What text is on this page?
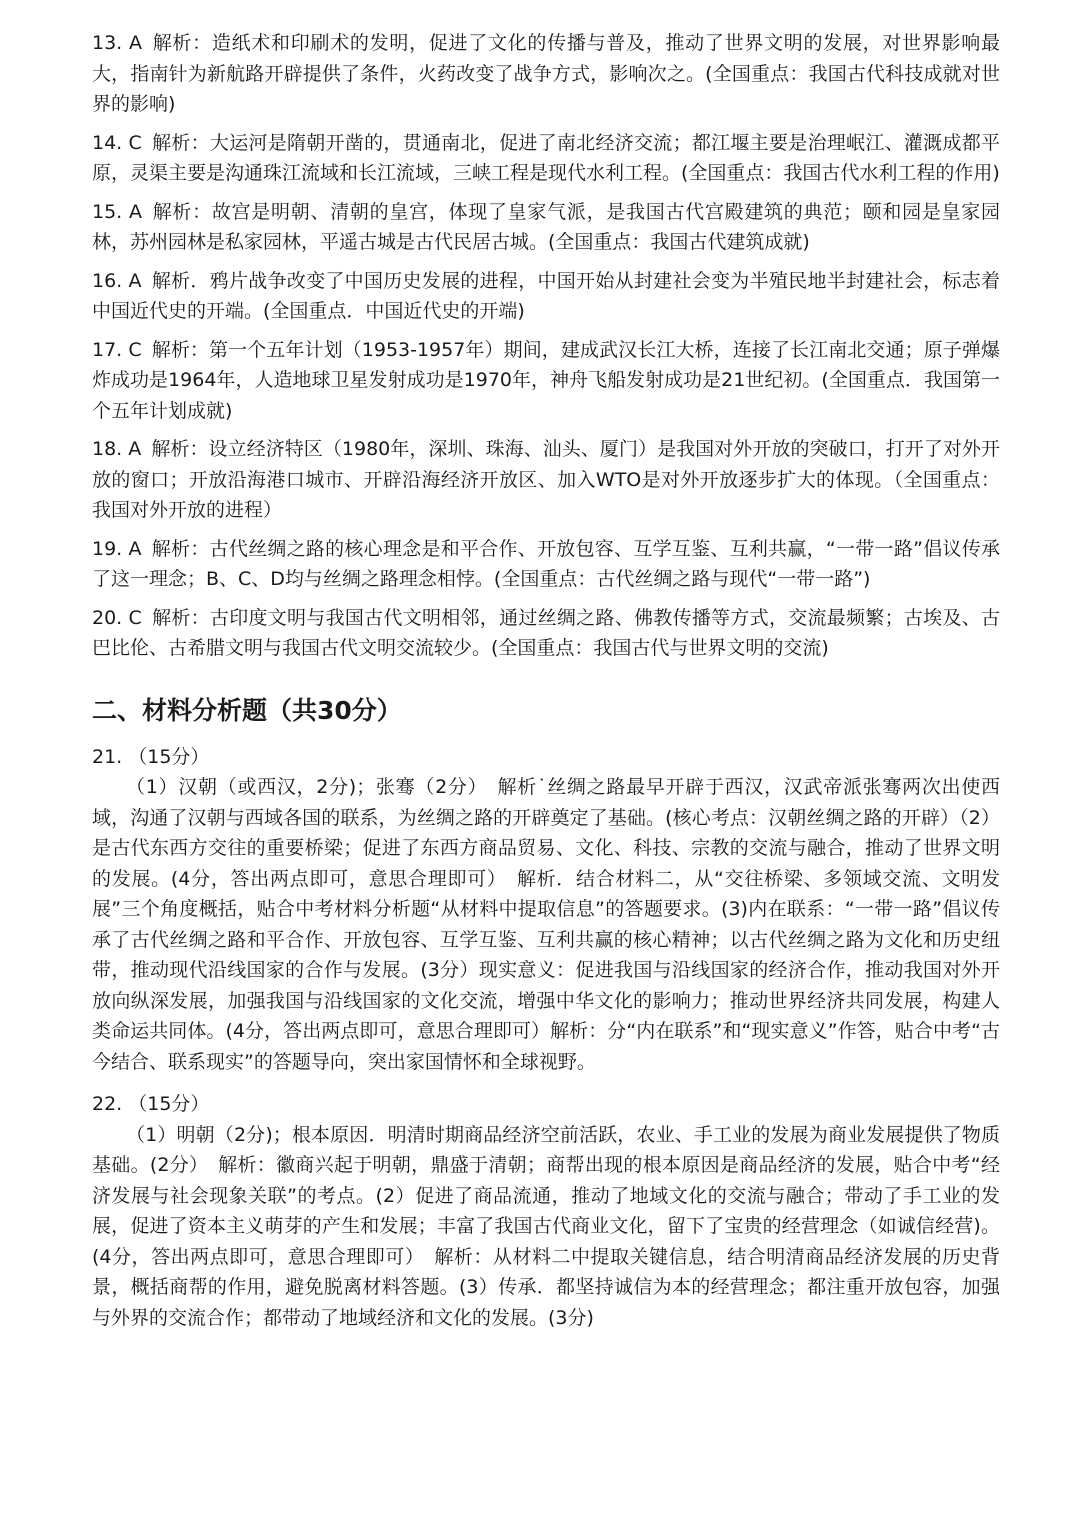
13. A 解析：造纸术和印刷术的发明，促进了文化的传播与普及，推动了世界文明的发展，对世界影响最大，指南针为新航路开辟提供了条件，火药改变了战争方式，影响次之。(全国重点：我国古代科技成就对世界的影响)

14. C 解析：大运河是隋朝开凿的，贯通南北，促进了南北经济交流；都江堰主要是治理岷江、灌溉成都平原，灵渠主要是沟通珠江流域和长江流域，三峡工程是现代水利工程。(全国重点：我国古代水利工程的作用)

15. A 解析：故宫是明朝、清朝的皇宫，体现了皇家气派，是我国古代宫殿建筑的典范；颐和园是皇家园林，苏州园林是私家园林，平遥古城是古代民居古城。(全国重点：我国古代建筑成就)

16. A 解析．鸦片战争改变了中国历史发展的进程，中国开始从封建社会变为半殖民地半封建社会，标志着中国近代史的开端。(全国重点．中国近代史的开端)

17. C 解析：第一个五年计划（1953-1957年）期间，建成武汉长江大桥，连接了长江南北交通；原子弹爆炸成功是1964年，人造地球卫星发射成功是1970年，神舟飞船发射成功是21世纪初。(全国重点．我国第一个五年计划成就)

18. A 解析：设立经济特区（1980年，深圳、珠海、汕头、厦门）是我国对外开放的突破口，打开了对外开放的窗口；开放沿海港口城市、开辟沿海经济开放区、加入WTO是对外开放逐步扩大的体现。（全国重点：我国对外开放的进程）

19. A 解析：古代丝绸之路的核心理念是和平合作、开放包容、互学互鉴、互利共赢，“一带一路”倡议传承了这一理念；B、C、D均与丝绸之路理念相悖。(全国重点：古代丝绸之路与现代“一带一路”)

20. C 解析：古印度文明与我国古代文明相邻，通过丝绸之路、佛教传播等方式，交流最频繁；古埃及、古巴比伦、古希腊文明与我国古代文明交流较少。(全国重点：我国古代与世界文明的交流)

二、材料分析题（共30分）

21. （15分）

（1）汉朝（或西汉，2分)；张骞（2分）　解析˙丝绸之路最早开辟于西汉，汉武帝派张骞两次出使西域，沟通了汉朝与西域各国的联系，为丝绸之路的开辟奠定了基础。(核心考点：汉朝丝绸之路的开辟）（2）是古代东西方交往的重要桥梁；促进了东西方商品贸易、文化、科技、宗教的交流与融合，推动了世界文明的发展。(4分，答出两点即可，意思合理即可）　解析．结合材料二，从“交往桥梁、多领域交流、文明发展”三个角度概括，贴合中考材料分析题“从材料中提取信息”的答题要求。(3)内在联系：“一带一路”倡议传承了古代丝绸之路和平合作、开放包容、互学互鉴、互利共赢的核心精神；以古代丝绸之路为文化和历史纽带，推动现代沿线国家的合作与发展。(3分）现实意义：促进我国与沿线国家的经济合作，推动我国对外开放向纵深发展，加强我国与沿线国家的文化交流，增强中华文化的影响力；推动世界经济共同发展，构建人类命运共同体。(4分，答出两点即可，意思合理即可）解析：分“内在联系”和“现实意义”作答，贴合中考“古今结合、联系现实”的答题导向，突出家国情怀和全球视野。

22. （15分）

（1）明朝（2分)；根本原因．明清时期商品经济空前活跃，农业、手工业的发展为商业发展提供了物质基础。(2分）　解析：徽商兴起于明朝，鼎盛于清朝；商帮出现的根本原因是商品经济的发展，贴合中考“经济发展与社会现象关联”的考点。(2）促进了商品流通，推动了地域文化的交流与融合；带动了手工业的发展，促进了资本主义萌芽的产生和发展；丰富了我国古代商业文化，留下了宝贵的经营理念（如诚信经营)。(4分，答出两点即可，意思合理即可）　解析：从材料二中提取关键信息，结合明清商品经济发展的历史背景，概括商帮的作用，避免脱离材料答题。(3）传承．都坚持诚信为本的经营理念；都注重开放包容，加强与外界的交流合作；都带动了地域经济和文化的发展。(3分)
